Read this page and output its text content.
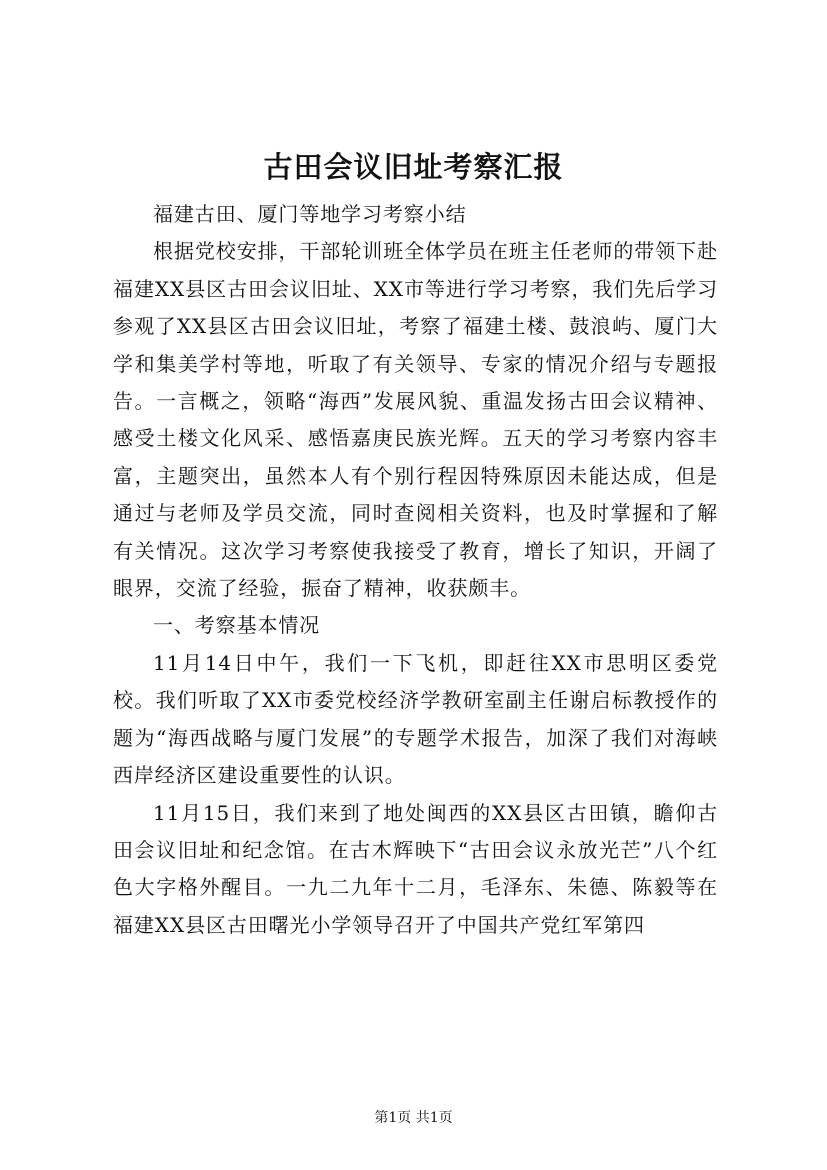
古田会议旧址考察汇报

福建古田、厦门等地学习考察小结

根据党校安排，干部轮训班全体学员在班主任老师的带领下赴福建XX县区古田会议旧址、XX市等进行学习考察，我们先后学习参观了XX县区古田会议旧址，考察了福建土楼、鼓浪屿、厦门大学和集美学村等地，听取了有关领导、专家的情况介绍与专题报告。一言概之，领略“海西”发展风貌、重温发扬古田会议精神、感受土楼文化风采、感悟嘉庚民族光辉。五天的学习考察内容丰富，主题突出，虽然本人有个别行程因特殊原因未能达成，但是通过与老师及学员交流，同时查阅相关资料，也及时掌握和了解有关情况。这次学习考察使我接受了教育，增长了知识，开阔了眼界，交流了经验，振奋了精神，收获颇丰。

一、考察基本情况

11月14日中午，我们一下飞机，即赶往XX市思明区委党校。我们听取了XX市委党校经济学教研室副主任谢启标教授作的题为“海西战略与厦门发展”的专题学术报告，加深了我们对海峡西岸经济区建设重要性的认识。

11月15日，我们来到了地处闽西的XX县区古田镇，瞻仰古田会议旧址和纪念馆。在古木辉映下“古田会议永放光芒”八个红色大字格外醒目。一九二九年十二月，毛泽东、朱德、陈毅等在福建XX县区古田曙光小学领导召开了中国共产党红军第四

第1页 共1页
